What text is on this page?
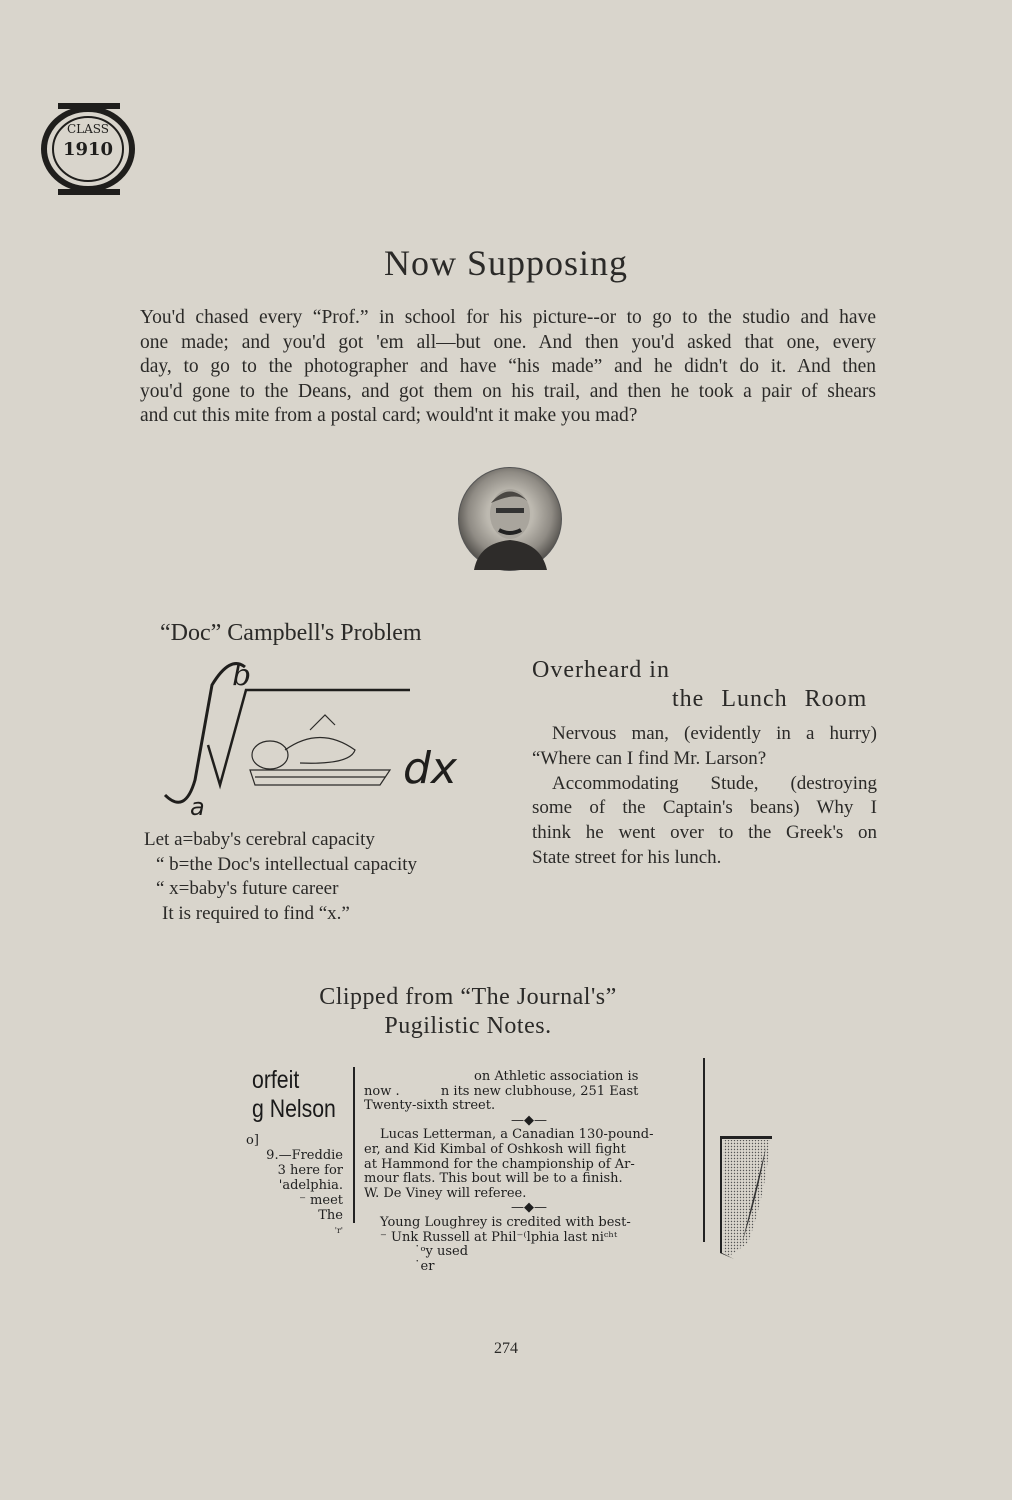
1910
CLASS
Now Supposing
You'd chased every “Prof.” in school for his picture--or to go to the studio and have
one made; and you'd got 'em all—but one. And then you'd asked that one, every
day, to go to the photographer and have “his made” and he didn't do it. And then
you'd gone to the Deans, and got them on his trail, and then he took a pair of shears
and cut this mite from a postal card; would'nt it make you mad?
“Doc” Campbell's Problem
b
a
dx
Let a=baby's cerebral capacity
“ b=the Doc's intellectual capacity
“ x=baby's future career
It is required to find “x.”
Overheard in
the Lunch Room
Nervous man, (evidently in a hurry)
“Where can I find Mr. Larson?
Accommodating Stude, (destroying
some of the Captain's beans) Why I
think he went over to the Greek's on
State street for his lunch.
Clipped from “The Journal's”
Pugilistic Notes.
orfeit
g Nelson
o]
9.—Freddie
3 here for
'adelphia.
⁻ meet
The
'r'
on Athletic association is
now .          n its new clubhouse, 251 East
Twenty-sixth street.
—◆—
Lucas Letterman, a Canadian 130-pound-
er, and Kid Kimbal of Oshkosh will fight
at Hammond for the championship of Ar-
mour flats. This bout will be to a finish.
W. De Viney will referee.
—◆—
Young Loughrey is credited with best-
⁻ Unk Russell at Phil⁻⁽lphia last niᶜʰᵗ
˙ᵒy used
˙er
274
